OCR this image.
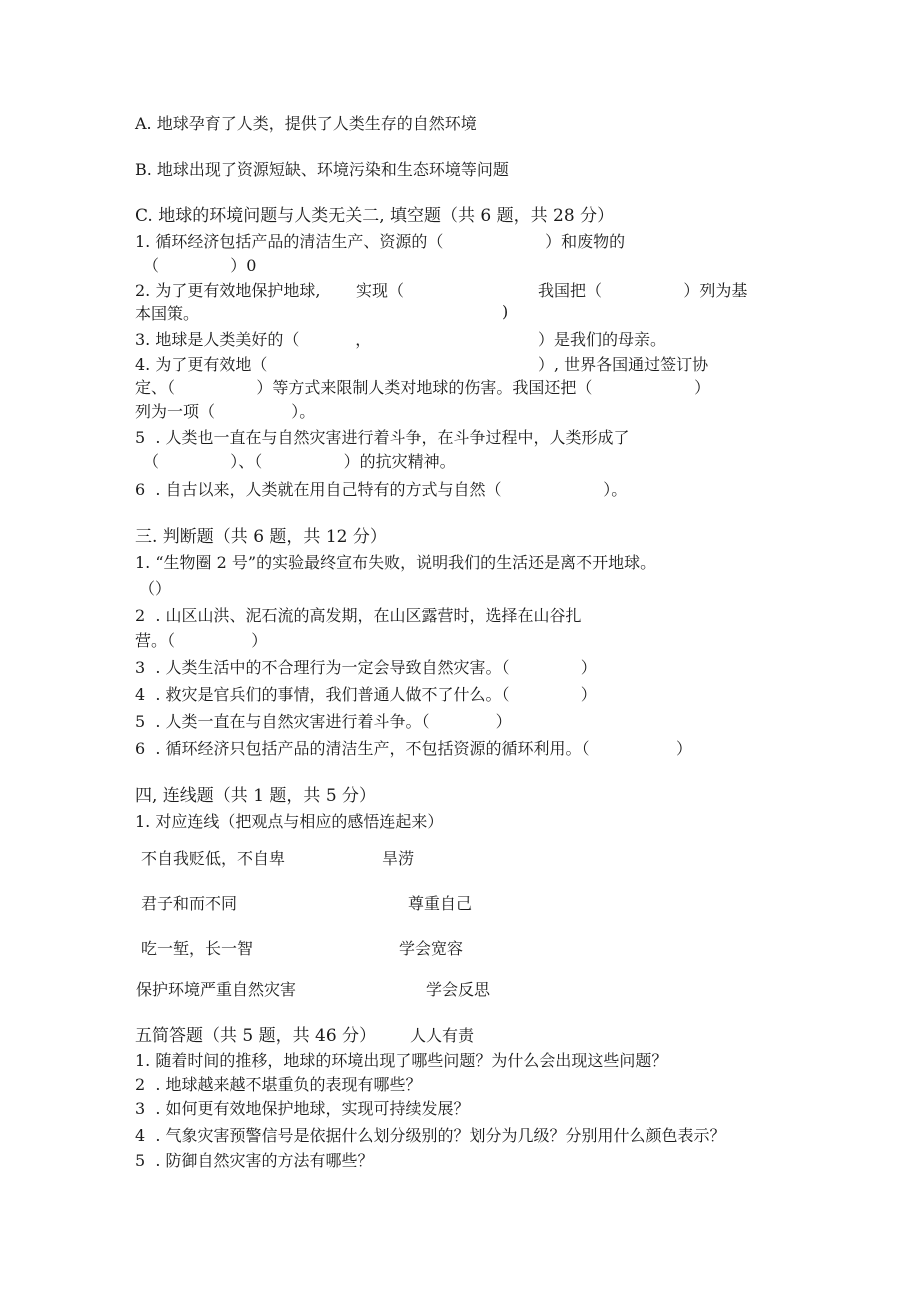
A. 地球孕育了人类，提供了人类生存的自然环境
B. 地球出现了资源短缺、环境污染和生态环境等问题
C. 地球的环境问题与人类无关二, 填空题（共 6 题，共 28 分）
1. 循环经济包括产品的清洁生产、资源的（                    ）和废物的
（              ）0
2. 为了更有效地保护地球,       实现（	我国把（                ）列为基
本国策。	)
3. 地球是人类美好的（           ，	）是我们的母亲。
4. 为了更有效地（	）, 世界各国通过签订协
定、（                ）等方式来限制人类对地球的伤害。我国还把（                    ）
列为一项（               ）。
5  . 人类也一直在与自然灾害进行着斗争，在斗争过程中，人类形成了
（              ）、（                ）的抗灾精神。
6  . 自古以来，人类就在用自己特有的方式与自然（                    ）。
三. 判断题（共 6 题，共 12 分）
1. “生物圈 2 号”的实验最终宣布失败，说明我们的生活还是离不开地球。
（）
2  . 山区山洪、泥石流的高发期，在山区露营时，选择在山谷扎
营。（               ）
3  . 人类生活中的不合理行为一定会导致自然灾害。（              ）
4  . 救灾是官兵们的事情，我们普通人做不了什么。（              ）
5  . 人类一直在与自然灾害进行着斗争。（             ）
6  . 循环经济只包括产品的清洁生产，不包括资源的循环利用。（                 ）
四, 连线题（共 1 题，共 5 分）
1. 对应连线（把观点与相应的感悟连起来）
不自我贬低，不自卑	旱涝
君子和而不同	尊重自己
吃一堑，长一智	学会宽容
保护环境严重自然灾害	学会反思
五简答题（共 5 题，共 46 分） 人人有责
1. 随着时间的推移，地球的环境出现了哪些问题？为什么会出现这些问题？
2  . 地球越来越不堪重负的表现有哪些？
3  . 如何更有效地保护地球，实现可持续发展？
4  . 气象灾害预警信号是依据什么划分级别的？划分为几级？分别用什么颜色表示？
5  . 防御自然灾害的方法有哪些？
